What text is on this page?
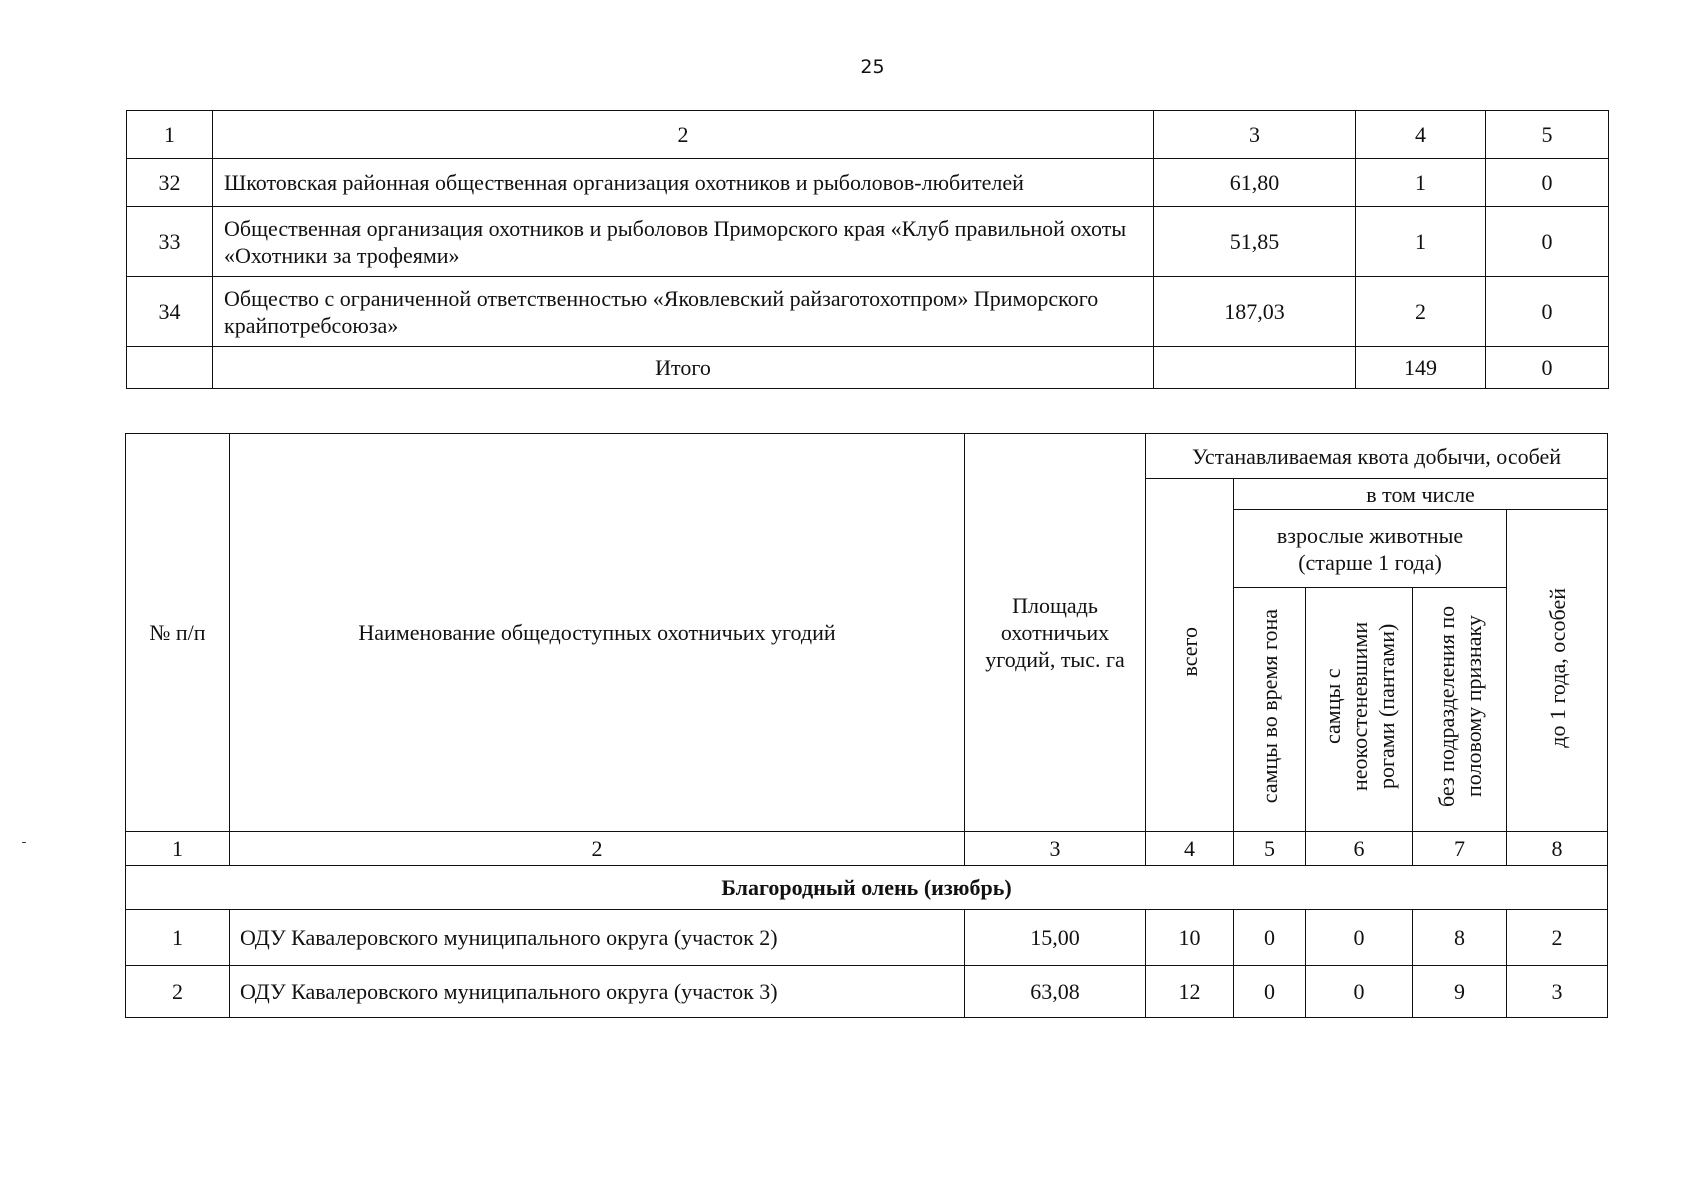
25
1	2	3	4	5
32	Шкотовская районная общественная организация охотников и рыболовов-любителей	61,80	1	0
33	Общественная организация охотников и рыболовов Приморского края «Клуб правильной охоты «Охотники за трофеями»	51,85	1	0
34	Общество с ограниченной ответственностью «Яковлевский райзаготохотпром» Приморского крайпотребсоюза»	187,03	2	0
	Итого		149	0
№ п/п	Наименование общедоступных охотничьих угодий	Площадь охотничьих угодий, тыс. га	Устанавливаемая квота добычи, особей				
			всего	в том числе			
				взрослые животные (старше 1 года)			до 1 года, особей
				самцы во время гона	самцы с неокостеневшими рогами (пантами)	без подразделения по половому признаку	
1	2	3	4	5	6	7	8
Благородный олень (изюбрь)							
1	ОДУ Кавалеровского муниципального округа (участок 2)	15,00	10	0	0	8	2
2	ОДУ Кавалеровского муниципального округа (участок 3)	63,08	12	0	0	9	3
